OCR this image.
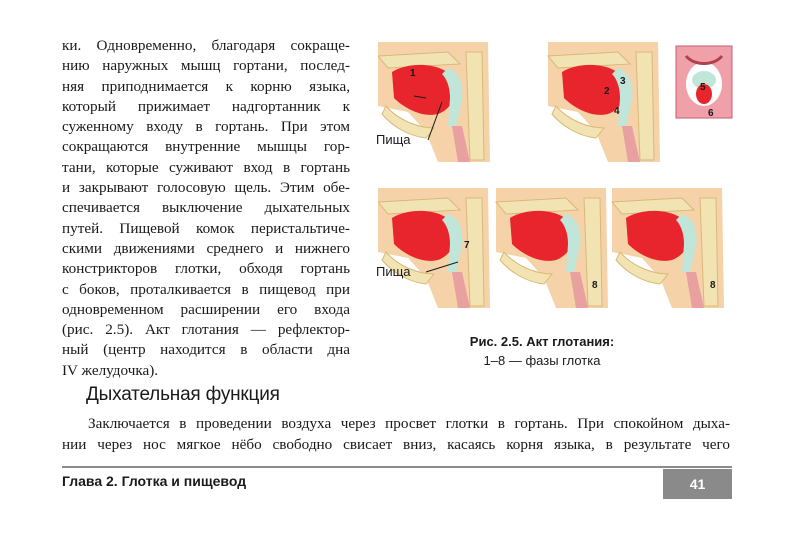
ки. Одновременно, благодаря сокраще-
нию наружных мышц гортани, послед-
няя приподнимается к корню языка,
который прижимает надгортанник к
суженному входу в гортань. При этом
сокращаются внутренние мышцы гор-
тани, которые суживают вход в гортань
и закрывают голосовую щель. Этим обе-
спечивается выключение дыхательных
путей. Пищевой комок перистальтиче-
скими движениями среднего и нижнего
констрикторов глотки, обходя гортань
с боков, проталкивается в пищевод при
одновременном расширении его входа
(рис. 2.5). Акт глотания — рефлектор-
ный (центр находится в области дна
IV желудочка).
Пища
Пища
1
2
3
4
5
6
7
8	8
Рис. 2.5. Акт глотания:
1–8 — фазы глотка
Дыхательная функция
Заключается в проведении воздуха через просвет глотки в гортань. При спокойном дыха-
нии через нос мягкое нёбо свободно свисает вниз, касаясь корня языка, в результате чего
Глава 2. Глотка и пищевод	41
